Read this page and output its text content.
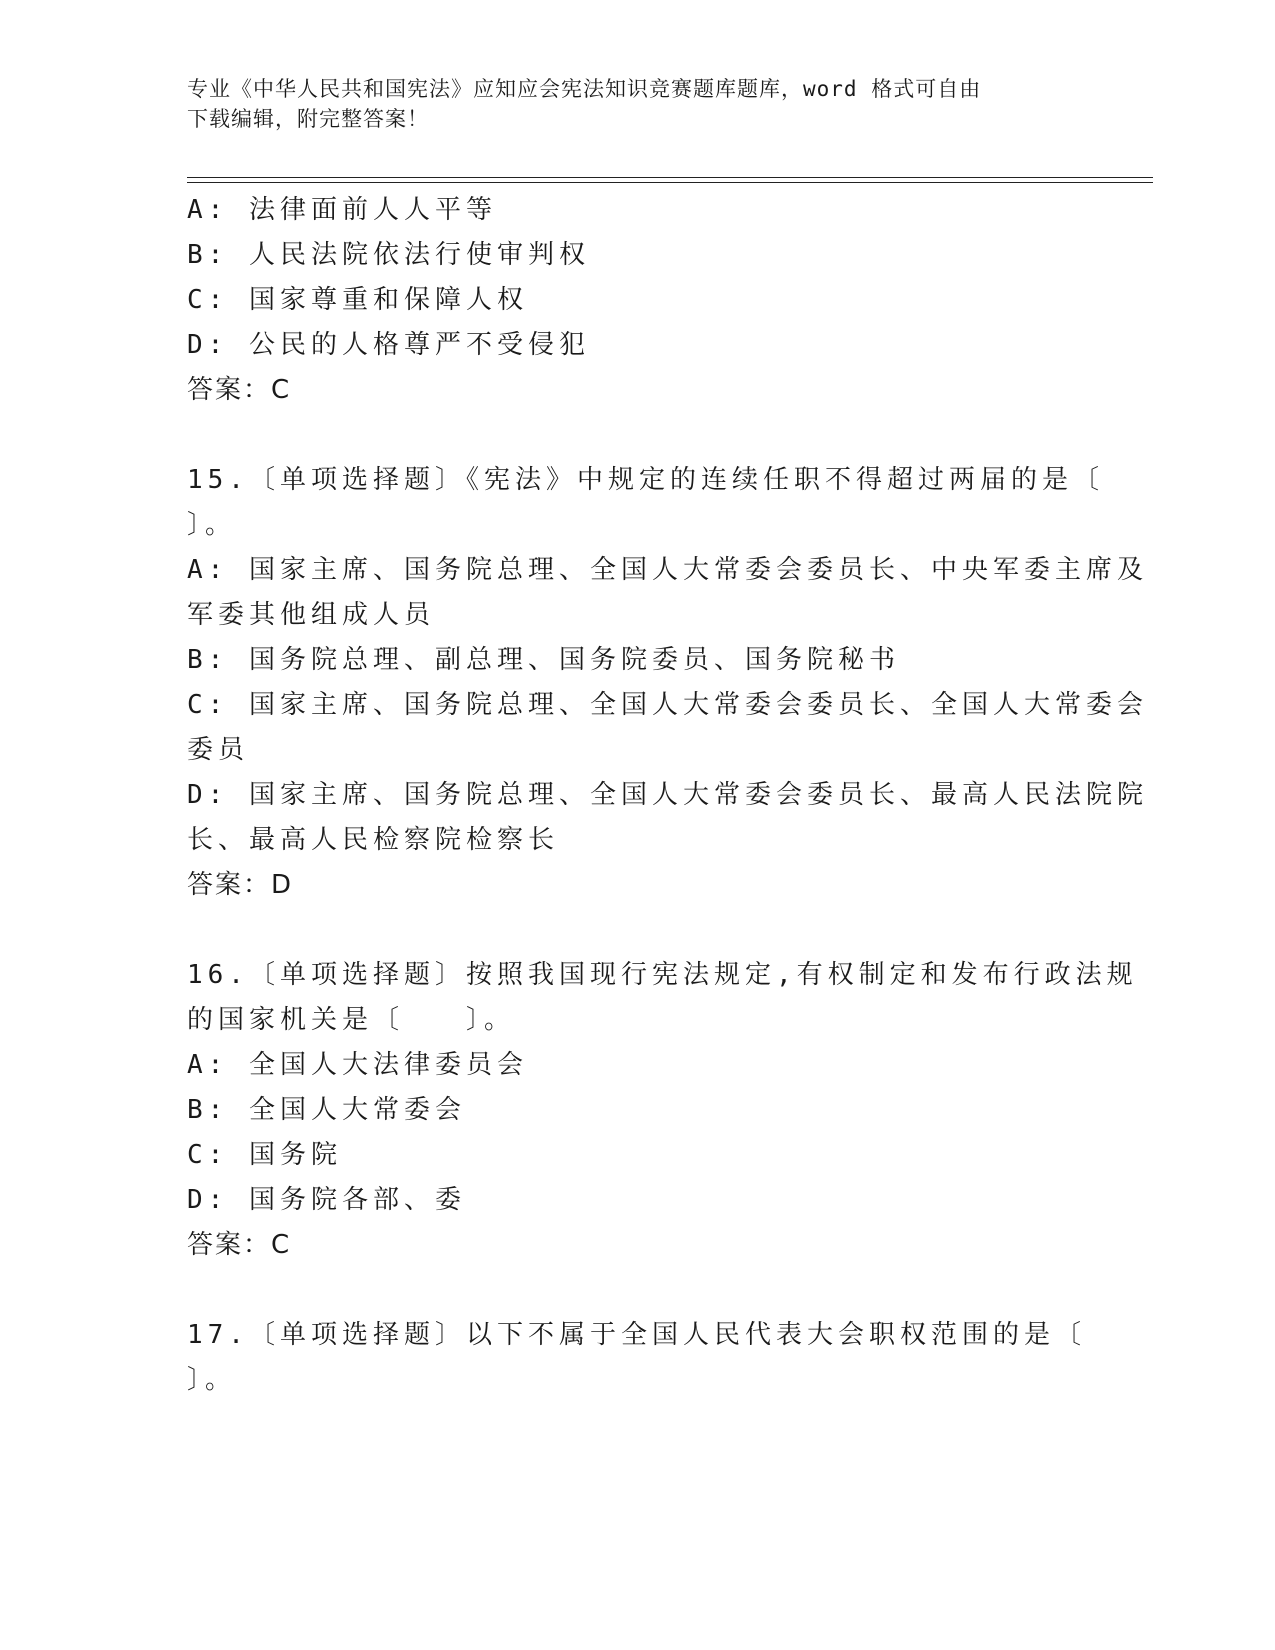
专业《中华人民共和国宪法》应知应会宪法知识竞赛题库题库，word 格式可自由
下载编辑，附完整答案！
A: 法律面前人人平等
B: 人民法院依法行使审判权
C: 国家尊重和保障人权
D: 公民的人格尊严不受侵犯
答案：C
15.〔单项选择题〕《宪法》中规定的连续任职不得超过两届的是〔
〕。
A: 国家主席、国务院总理、全国人大常委会委员长、中央军委主席及
军委其他组成人员
B: 国务院总理、副总理、国务院委员、国务院秘书
C: 国家主席、国务院总理、全国人大常委会委员长、全国人大常委会
委员
D: 国家主席、国务院总理、全国人大常委会委员长、最高人民法院院
长、最高人民检察院检察长
答案：D
16.〔单项选择题〕按照我国现行宪法规定,有权制定和发布行政法规
的国家机关是〔　　〕。
A: 全国人大法律委员会
B: 全国人大常委会
C: 国务院
D: 国务院各部、委
答案：C
17.〔单项选择题〕以下不属于全国人民代表大会职权范围的是〔
〕。
